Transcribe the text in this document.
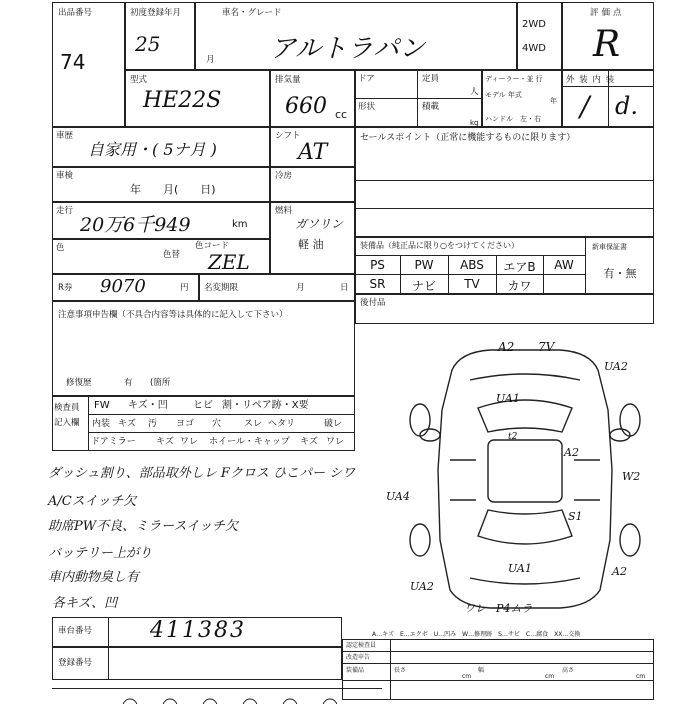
出品番号
74
初度登録年月
25
月
車名・グレード
アルトラパン
2WD
4WD
評価点
R
型式
HE22S
排気量
660 cc
ドア	定員
人
形状	積載
kg
ディーラー・並 行
モデル 年式
年
ハンドル 左・右
外 装 内 装
/ d.
車歴
自家用・( 5ナ月 )
シフト
AT
車検
年　　月(　　日)
冷房
走行
20万6千949	km
燃料
ガソリン
軽 油
色
色替
色コード
ZEL
R券 9070	円 名変期限	月	日
注意事項申告欄（不具合内容等は具体的に記入して下さい）
修復歴	有 (箇所
検査員
記入欄
FW キズ・凹	ヒビ 割・リペア跡・X要
内装 キズ 汚 ヨゴ 穴	スレ ヘタリ	破レ
ドアミラー キズ ワレ ホイール・キャップ キズ ワレ
ダッシュ割り、部品取外しレ Fクロス ひこパー シワ
A/Cスイッチ欠
助席PW不良、ミラースイッチ欠
バッテリー上がり
車内動物臭し有
各キズ、凹
車台番号	411383
登録番号
セールスポイント（正常に機能するものに限ります）
装備品（純正品に限り○をつけてください）	新車保証書
PS	PW	ABS	エアB	AW
SR	ナビ	TV	カワ
有・無
後付品
A2 7V
UA2
UA1
t2
A2
W2
UA4
S1
UA1	A2
UA2
ワレ P4ムラ
A…キズ　E…エクボ　U…凹み　W…修理跡　S…サビ　C…腐食　XX…交換
認定検査員
改造申告
装備品	長さ	幅	高さ
cm	cm	cm
